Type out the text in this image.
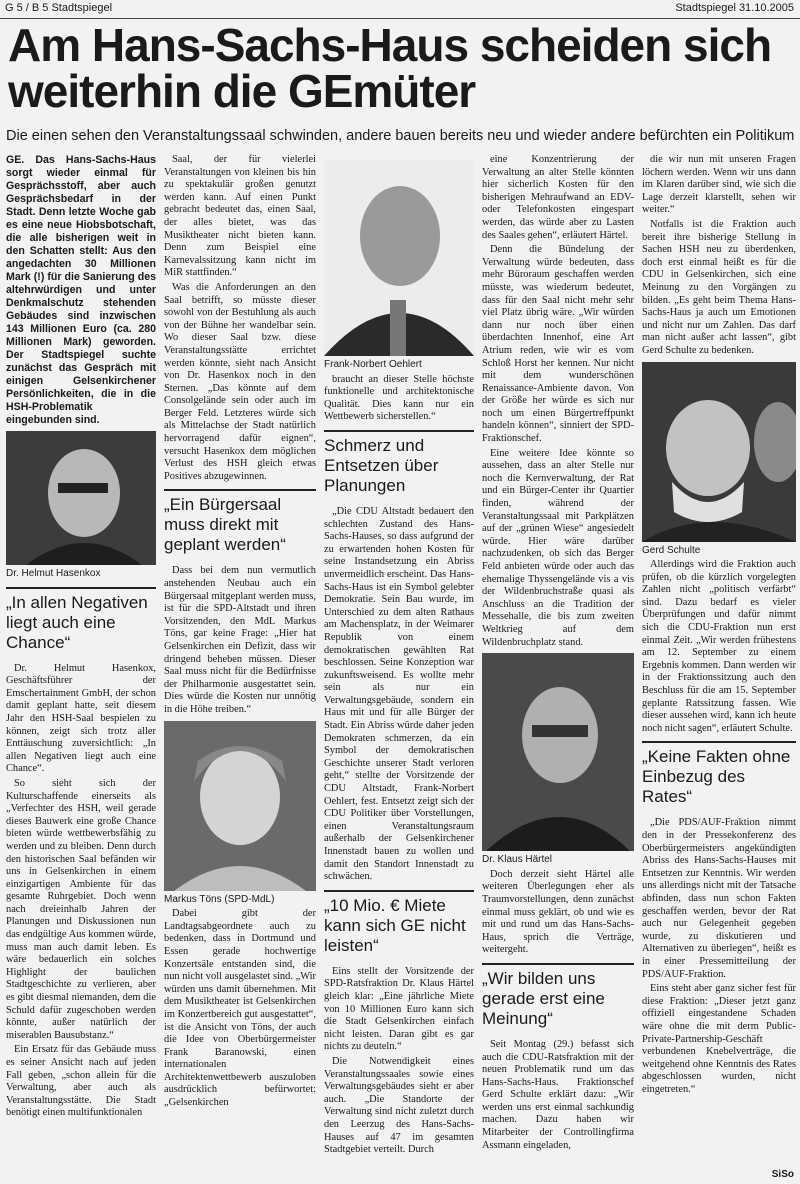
G 5 / B 5 Stadtspiegel	Stadtspiegel 31.10.2005
Am Hans-Sachs-Haus scheiden sich weiterhin die GEmüter

Die einen sehen den Veranstaltungssaal schwinden, andere bauen bereits neu und wieder andere befürchten ein Politikum

GE. Das Hans-Sachs-Haus sorgt wieder einmal für Gesprächsstoff, aber auch Gesprächsbedarf in der Stadt. Denn letzte Woche gab es eine neue Hiobsbotschaft, die alle bisherigen weit in den Schatten stellt: Aus den angedachten 30 Millionen Mark (!) für die Sanierung des altehrwürdigen und unter Denkmalschutz stehenden Gebäudes sind inzwischen 143 Millionen Euro (ca. 280 Millionen Mark) geworden. Der Stadtspiegel suchte zunächst das Gespräch mit einigen Gelsenkirchener Persönlichkeiten, die in die HSH-Problematik eingebunden sind.

Dr. Helmut Hasenkox

„In allen Negativen liegt auch eine Chance“

Dr. Helmut Hasenkox, Geschäftsführer der Emschertainment GmbH, der schon damit geplant hatte, seit diesem Jahr den HSH-Saal bespielen zu können, zeigt sich trotz aller Enttäuschung zuversichtlich: „In allen Negativen liegt auch eine Chance“.

So sieht sich der Kulturschaffende einerseits als „Verfechter des HSH, weil gerade dieses Bauwerk eine große Chance bieten würde wettbewerbsfähig zu werden und zu bleiben. Denn durch den historischen Saal befänden wir uns in Gelsenkirchen in einem einzigartigen Ambiente für das gesamte Ruhrgebiet. Doch wenn nach dreieinhalb Jahren der Planungen und Diskussionen nun das endgültige Aus kommen würde, muss man auch damit leben. Es wäre bedauerlich ein solches Highlight der baulichen Stadtgeschichte zu verlieren, aber es gibt diesmal niemanden, dem die Schuld dafür zugeschoben werden könnte, außer natürlich der miserablen Bausubstanz.“

Ein Ersatz für das Gebäude muss es seiner Ansicht nach auf jeden Fall geben, „schon allein für die Verwaltung, aber auch als Veranstaltungsstätte. Die Stadt benötigt einen multifunktionalen

Saal, der für vielerlei Veranstaltungen von kleinen bis hin zu spektakulär großen genutzt werden kann. Auf einen Punkt gebracht bedeutet das, einen Saal, der alles bietet, was das Musiktheater nicht bieten kann. Denn zum Beispiel eine Karnevalssitzung kann nicht im MiR stattfinden.“

Was die Anforderungen an den Saal betrifft, so müsste dieser sowohl von der Bestuhlung als auch von der Bühne her wandelbar sein. Wo dieser Saal bzw. diese Veranstaltungsstätte errichtet werden könnte, sieht nach Ansicht von Dr. Hasenkox noch in den Sternen. „Das könnte auf dem Consolgelände sein oder auch im Berger Feld. Letzteres würde sich als Mittelachse der Stadt natürlich hervorragend dafür eignen“, versucht Hasenkox dem möglichen Verlust des HSH gleich etwas Positives abzugewinnen.

„Ein Bürgersaal muss direkt mit geplant werden“

Dass bei dem nun vermutlich anstehenden Neubau auch ein Bürgersaal mitgeplant werden muss, ist für die SPD-Altstadt und ihren Vorsitzenden, den MdL Markus Töns, gar keine Frage: „Hier hat Gelsenkirchen ein Defizit, dass wir dringend beheben müssen. Dieser Saal muss nicht für die Bedürfnisse der Philharmonie ausgestattet sein. Dies würde die Kosten nur unnötig in die Höhe treiben.“

Markus Töns (SPD-MdL)

Dabei gibt der Landtagsabgeordnete auch zu bedenken, dass in Dortmund und Essen gerade hochwertige Konzertsäle entstanden sind, die nun nicht voll ausgelastet sind. „Wir würden uns damit übernehmen. Mit dem Musiktheater ist Gelsenkirchen im Konzertbereich gut ausgestattet“, ist die Ansicht von Töns, der auch die Idee von Oberbürgermeister Frank Baranowski, einen internationalen Architektenwettbewerb auszuloben ausdrücklich befürwortet: „Gelsenkirchen

Frank-Norbert Oehlert

braucht an dieser Stelle höchste funktionelle und architektonische Qualität. Dies kann nur ein Wettbewerb sicherstellen.“

Schmerz und Entsetzen über Planungen

„Die CDU Altstadt bedauert den schlechten Zustand des Hans-Sachs-Hauses, so dass aufgrund der zu erwartenden hohen Kosten für seine Instandsetzung ein Abriss unvermeidlich erscheint. Das Hans-Sachs-Haus ist ein Symbol gelebter Demokratie. Sein Bau wurde, im Unterschied zu dem alten Rathaus am Machensplatz, in der Weimarer Republik von einem demokratischen gewählten Rat beschlossen. Seine Konzeption war zukunftsweisend. Es wollte mehr sein als nur ein Verwaltungsgebäude, sondern ein Haus mit und für alle Bürger der Stadt. Ein Abriss würde daher jeden Demokraten schmerzen, da ein Symbol der demokratischen Geschichte unserer Stadt verloren geht,“ stellte der Vorsitzende der CDU Altstadt, Frank-Norbert Oehlert, fest. Entsetzt zeigt sich der CDU Politiker über Vorstellungen, einen Veranstaltungsraum außerhalb der Gelsenkirchener Innenstadt bauen zu wollen und damit den Standort Innenstadt zu schwächen.

„10 Mio. € Miete kann sich GE nicht leisten“

Eins stellt der Vorsitzende der SPD-Ratsfraktion Dr. Klaus Härtel gleich klar: „Eine jährliche Miete von 10 Millionen Euro kann sich die Stadt Gelsenkirchen einfach nicht leisten. Daran gibt es gar nichts zu deuteln.“

Die Notwendigkeit eines Veranstaltungssaales sowie eines Verwaltungsgebäudes sieht er aber auch. „Die Standorte der Verwaltung sind nicht zuletzt durch den Leerzug des Hans-Sachs-Hauses auf 47 im gesamten Stadtgebiet verteilt. Durch

eine Konzentrierung der Verwaltung an alter Stelle könnten hier sicherlich Kosten für den bisherigen Mehraufwand an EDV- oder Telefonkosten eingespart werden, das würde aber zu Lasten des Saales gehen“, erläutert Härtel.

Denn die Bündelung der Verwaltung würde bedeuten, dass mehr Büroraum geschaffen werden müsste, was wiederum bedeutet, dass für den Saal nicht mehr sehr viel Platz übrig wäre. „Wir würden dann nur noch über einen überdachten Innenhof, eine Art Atrium reden, wie wir es vom Schloß Horst her kennen. Nur nicht mit dem wunderschönen Renaissance-Ambiente davon. Von der Größe her würde es sich nur noch um einen Bürgertreffpunkt handeln können“, sinniert der SPD-Fraktionschef.

Eine weitere Idee könnte so aussehen, dass an alter Stelle nur noch die Kernverwaltung, der Rat und ein Bürger-Center ihr Quartier finden, während der Veranstaltungssaal mit Parkplätzen auf der „grünen Wiese“ angesiedelt würde. Hier wäre darüber nachzudenken, ob sich das Berger Feld anbieten würde oder auch das ehemalige Thyssengelände vis a vis der Wildenbruchstraße quasi als Anschluss an die Tradition der Messehalle, die bis zum zweiten Weltkrieg auf dem Wildenbruchplatz stand.

Dr. Klaus Härtel

Doch derzeit sieht Härtel alle weiteren Überlegungen eher als Traumvorstellungen, denn zunächst einmal muss geklärt, ob und wie es mit und rund um das Hans-Sachs-Haus, sprich die Verträge, weitergeht.

„Wir bilden uns gerade erst eine Meinung“

Seit Montag (29.) befasst sich auch die CDU-Ratsfraktion mit der neuen Problematik rund um das Hans-Sachs-Haus. Fraktionschef Gerd Schulte erklärt dazu: „Wir werden uns erst einmal sachkundig machen. Dazu haben wir Mitarbeiter der Controllingfirma Assmann eingeladen,

die wir nun mit unseren Fragen löchern werden. Wenn wir uns dann im Klaren darüber sind, wie sich die Lage derzeit klarstellt, sehen wir weiter.“

Notfalls ist die Fraktion auch bereit ihre bisherige Stellung in Sachen HSH neu zu überdenken, doch erst einmal heißt es für die CDU in Gelsenkirchen, sich eine Meinung zu den Vorgängen zu bilden. „Es geht beim Thema Hans-Sachs-Haus ja auch um Emotionen und nicht nur um Zahlen. Das darf man nicht außer acht lassen“, gibt Gerd Schulte zu bedenken.

Gerd Schulte

Allerdings wird die Fraktion auch prüfen, ob die kürzlich vorgelegten Zahlen nicht „politisch verfärbt“ sind. Dazu bedarf es vieler Überprüfungen und dafür nimmt sich die CDU-Fraktion nun erst einmal Zeit. „Wir werden frühestens am 12. September zu einem Ergebnis kommen. Dann werden wir in der Fraktionssitzung auch den Beschluss für die am 15. September geplante Ratssitzung fassen. Wie dieser aussehen wird, kann ich heute noch nicht sagen“, erläutert Schulte.

„Keine Fakten ohne Einbezug des Rates“

„Die PDS/AUF-Fraktion nimmt den in der Pressekonferenz des Oberbürgermeisters angekündigten Abriss des Hans-Sachs-Hauses mit Entsetzen zur Kenntnis. Wir werden uns allerdings nicht mit der Tatsache abfinden, dass nun schon Fakten geschaffen werden, bevor der Rat auch nur Gelegenheit gegeben wurde, zu diskutieren und Alternativen zu überlegen“, heißt es in einer Pressemitteilung der PDS/AUF-Fraktion.

Eins steht aber ganz sicher fest für diese Fraktion: „Dieser jetzt ganz offiziell eingestandene Schaden wäre ohne die mit derm Public-Private-Partnership-Geschäft verbundenen Knebelverträge, die weitgehend ohne Kenntnis des Rates abgeschlossen wurden, nicht eingetreten.“

SiSo
